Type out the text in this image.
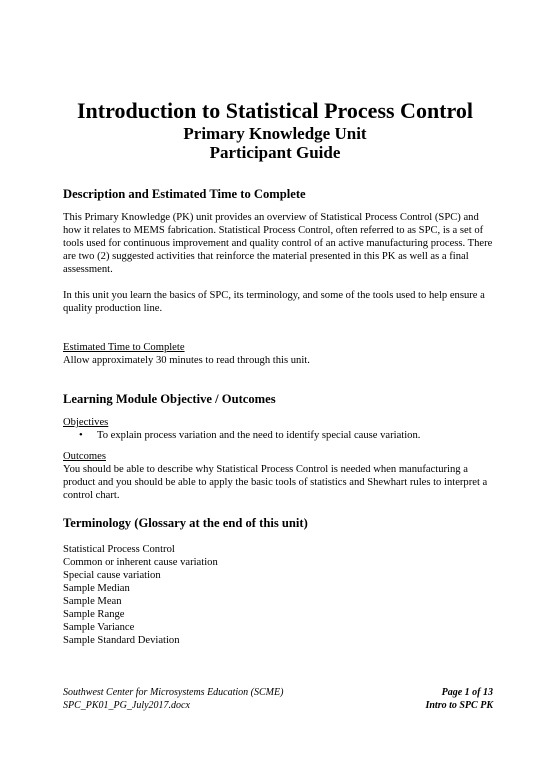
Introduction to Statistical Process Control

Primary Knowledge Unit

Participant Guide

Description and Estimated Time to Complete

This Primary Knowledge (PK) unit provides an overview of Statistical Process Control (SPC) and how it relates to MEMS fabrication. Statistical Process Control, often referred to as SPC, is a set of tools used for continuous improvement and quality control of an active manufacturing process. There are two (2) suggested activities that reinforce the material presented in this PK as well as a final assessment.

In this unit you learn the basics of SPC, its terminology, and some of the tools used to help ensure a quality production line.

Estimated Time to Complete

Allow approximately 30 minutes to read through this unit.

Learning Module Objective / Outcomes

Objectives

• To explain process variation and the need to identify special cause variation.

Outcomes

You should be able to describe why Statistical Process Control is needed when manufacturing a product and you should be able to apply the basic tools of statistics and Shewhart rules to interpret a control chart.

Terminology (Glossary at the end of this unit)
Statistical Process Control
Common or inherent cause variation
Special cause variation
Sample Median
Sample Mean
Sample Range
Sample Variance
Sample Standard Deviation
Southwest Center for Microsystems Education (SCME)	Page 1 of 13
SPC_PK01_PG_July2017.docx	Intro to SPC PK
